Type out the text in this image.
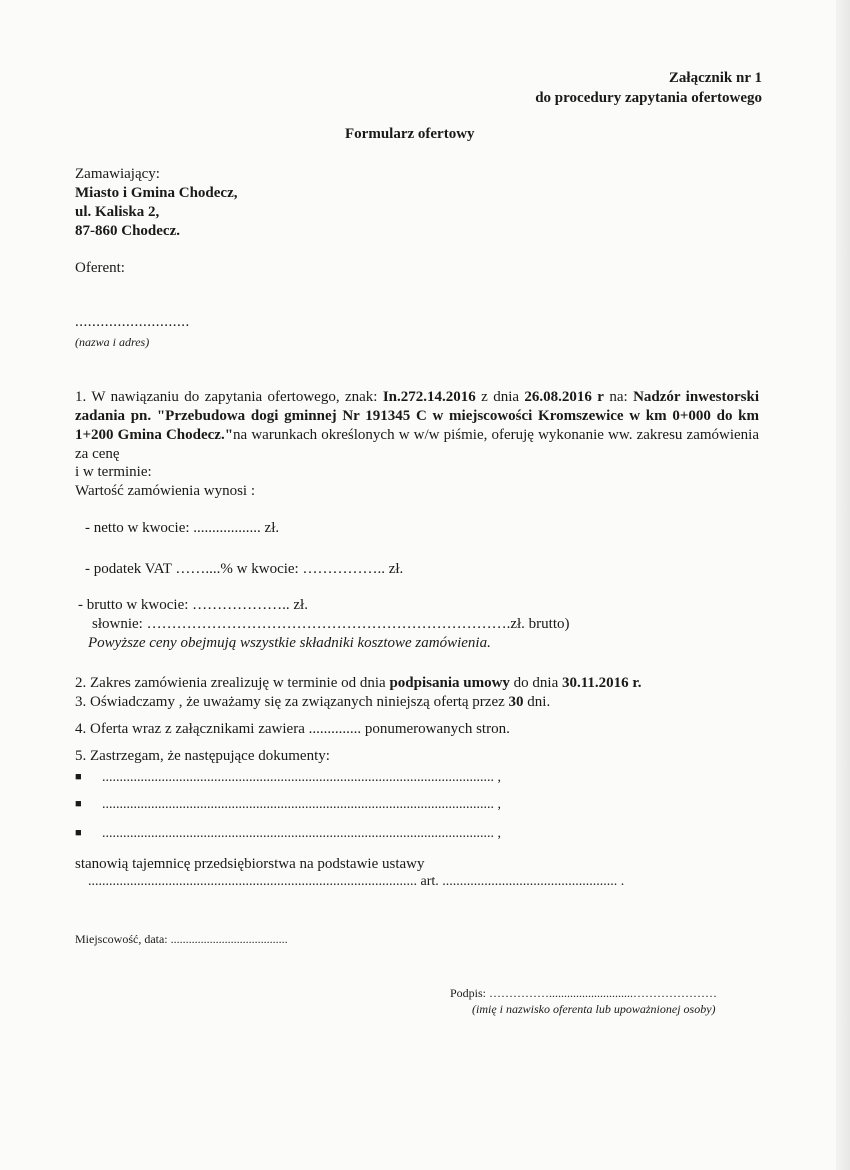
Załącznik nr 1
do procedury zapytania ofertowego
Formularz ofertowy
Zamawiający:
Miasto i Gmina Chodecz,
ul. Kaliska 2,
87-860 Chodecz.
Oferent:
...........................
(nazwa i adres)
1. W nawiązaniu do zapytania ofertowego, znak: In.272.14.2016 z dnia 26.08.2016 r na: Nadzór inwestorski zadania pn. "Przebudowa dogi gminnej Nr 191345 C w miejscowości Kromszewice w km 0+000 do km 1+200 Gmina Chodecz."na warunkach określonych w w/w piśmie, oferuję wykonanie ww. zakresu zamówienia za cenę
i w terminie:
Wartość zamówienia wynosi :
- netto w kwocie: .................. zł.
- podatek VAT ……....% w kwocie: …………….. zł.
- brutto w kwocie: ……………….. zł.
słownie: ……………………………………………………………….zł. brutto)
Powyższe ceny obejmują wszystkie składniki kosztowe zamówienia.
2. Zakres zamówienia zrealizuję w terminie od dnia podpisania umowy do dnia 30.11.2016 r.
3. Oświadczamy , że uważamy się za związanych niniejszą ofertą przez 30 dni.
4. Oferta wraz z załącznikami zawiera .............. ponumerowanych stron.
5. Zastrzegam, że następujące dokumenty:
■ ................................................................................................................ ,
■ ................................................................................................................ ,
■ ................................................................................................................ ,
stanowią tajemnicę przedsiębiorstwa na podstawie ustawy
.............................................................................................. art. .................................................. .
Miejscowość, data: .......................................
Podpis: ……………............................…………………
(imię i nazwisko oferenta lub upoważnionej osoby)
